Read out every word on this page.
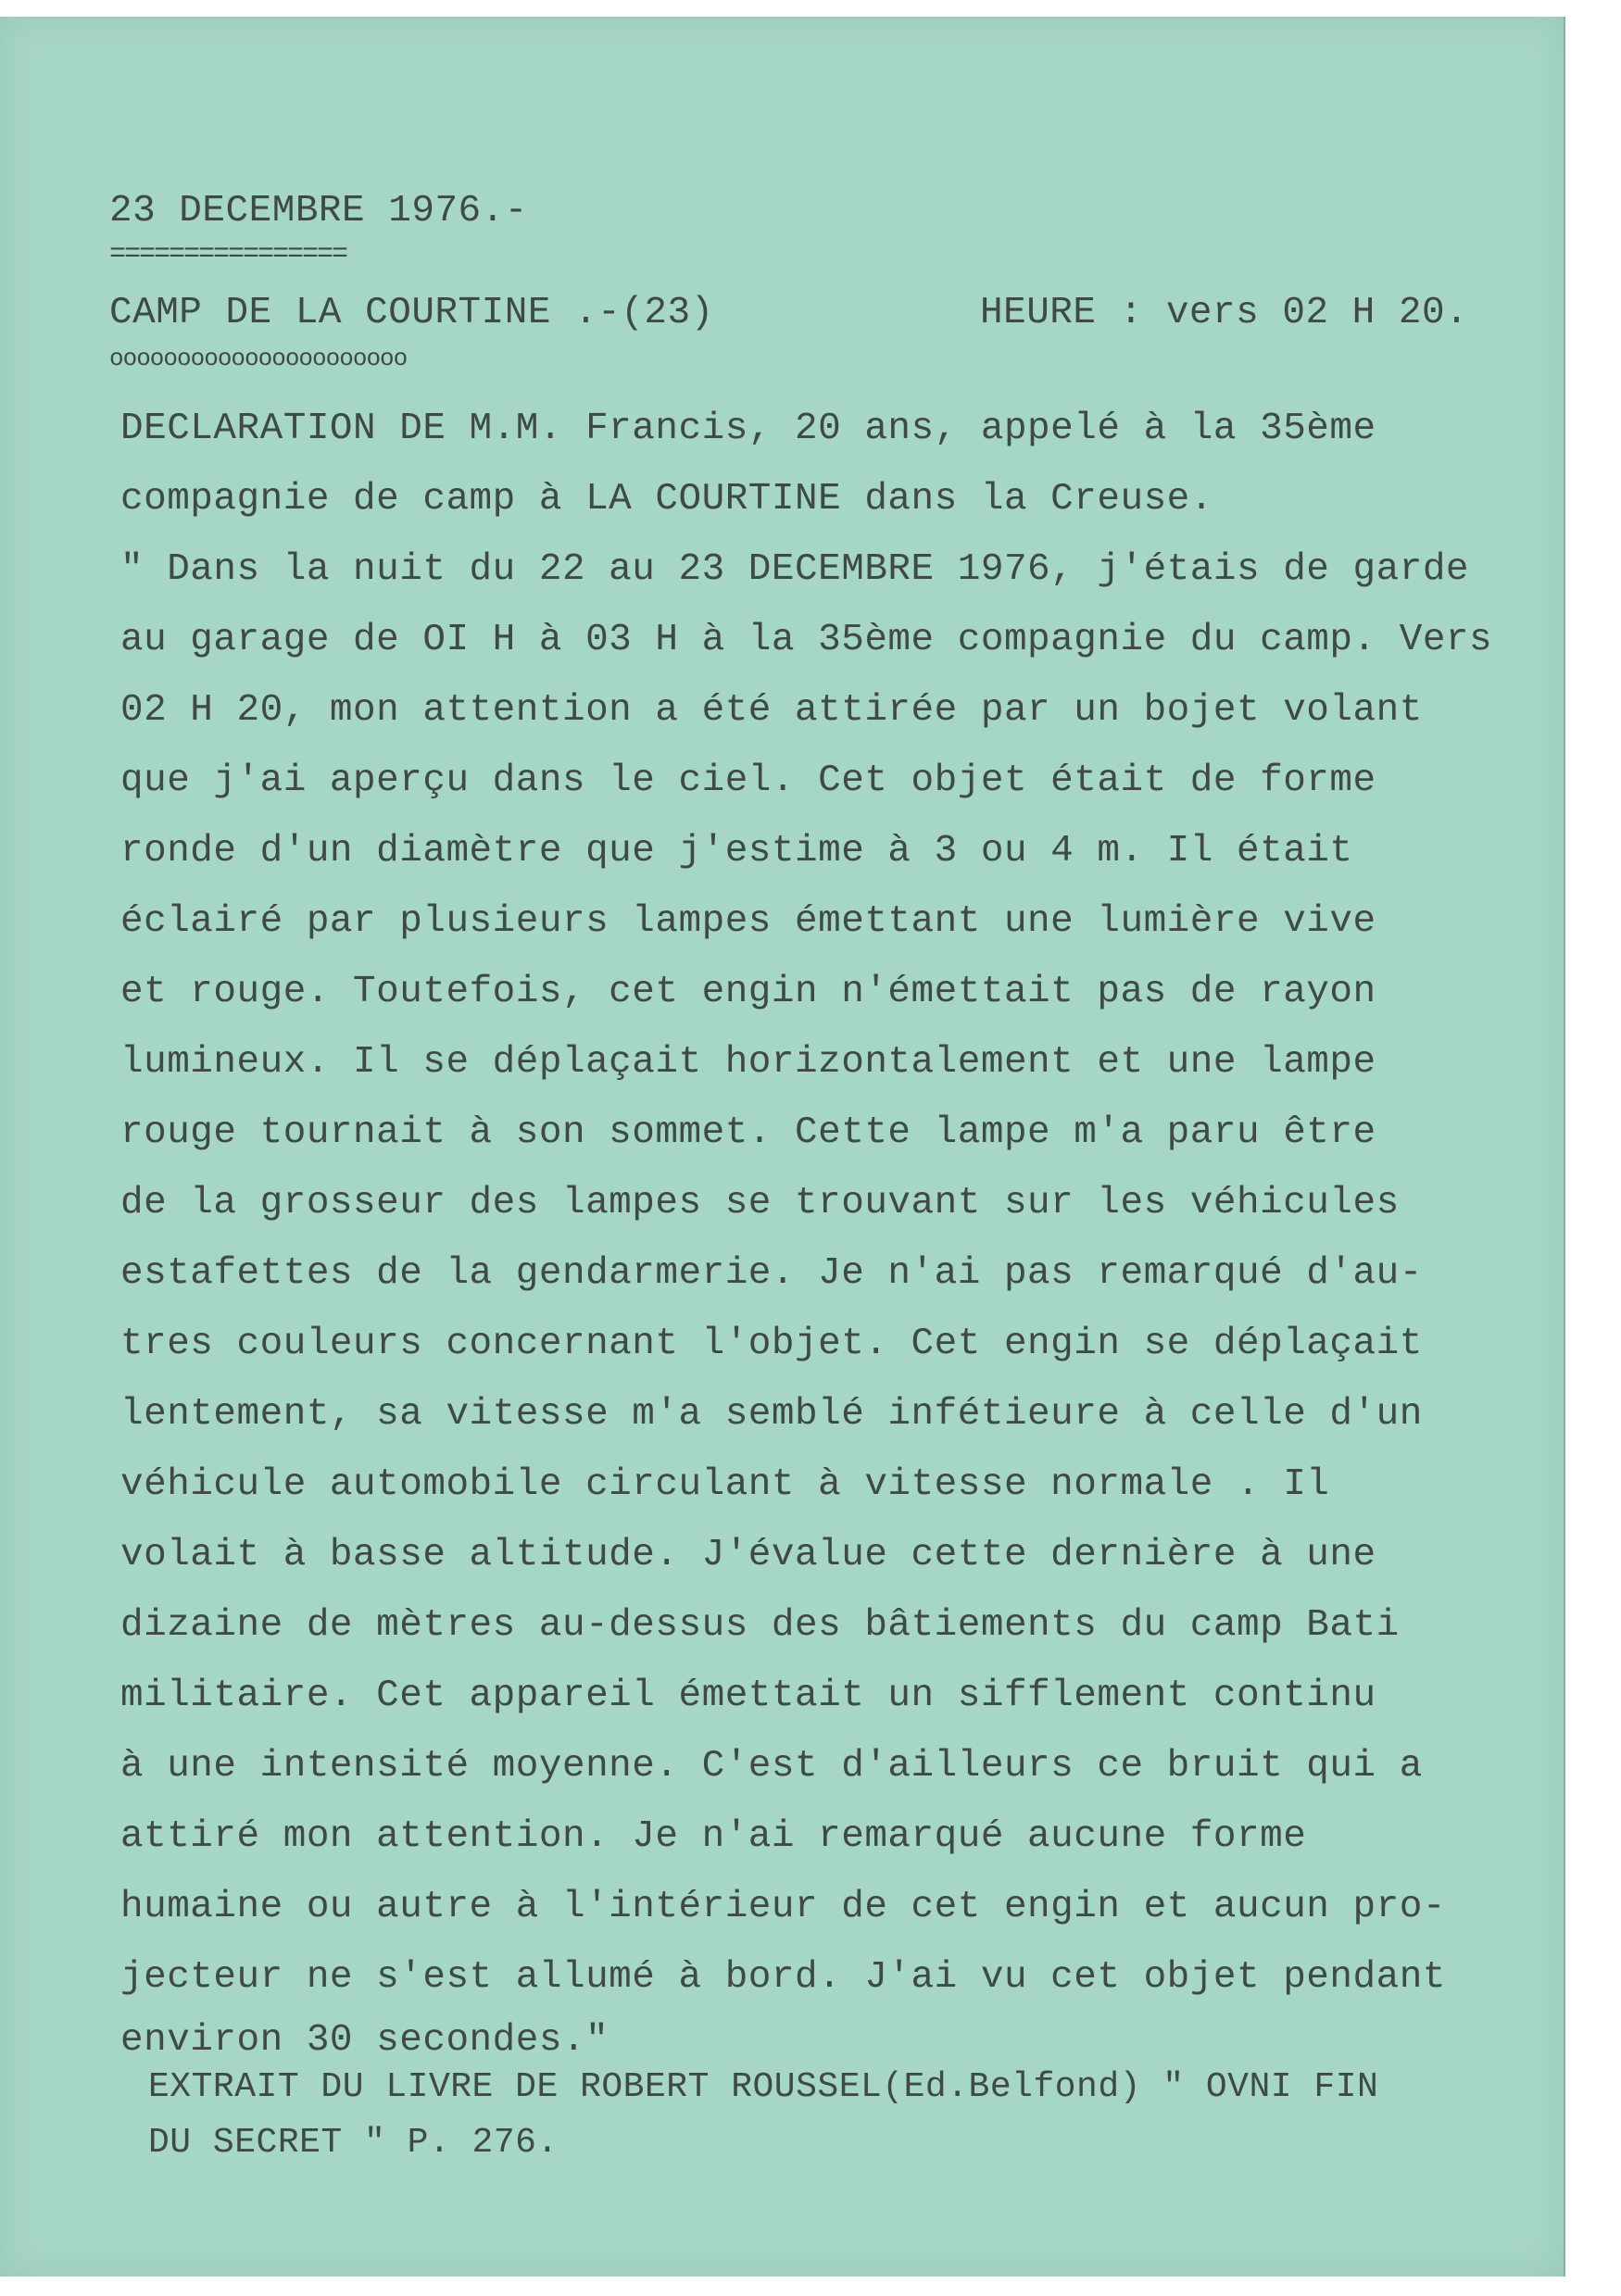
23 DECEMBRE 1976.-
================
CAMP DE LA COURTINE .-(23)	HEURE : vers 02 H 20.
oooooooooooooooooooooo
DECLARATION DE M.M. Francis, 20 ans, appelé à la 35ème
compagnie de camp à LA COURTINE dans la Creuse.
" Dans la nuit du 22 au 23 DECEMBRE 1976, j'étais de garde
au garage de OI H à 03 H à la 35ème compagnie du camp. Vers
02 H 20, mon attention a été attirée par un bojet volant
que j'ai aperçu dans le ciel. Cet objet était de forme
ronde d'un diamètre que j'estime à 3 ou 4 m. Il était
éclairé par plusieurs lampes émettant une lumière vive
et rouge. Toutefois, cet engin n'émettait pas de rayon
lumineux. Il se déplaçait horizontalement et une lampe
rouge tournait à son sommet. Cette lampe m'a paru être
de la grosseur des lampes se trouvant sur les véhicules
estafettes de la gendarmerie. Je n'ai pas remarqué d'au-
tres couleurs concernant l'objet. Cet engin se déplaçait
lentement, sa vitesse m'a semblé infétieure à celle d'un
véhicule automobile circulant à vitesse normale . Il
volait à basse altitude. J'évalue cette dernière à une
dizaine de mètres au-dessus des bâtiements du camp Bati
militaire. Cet appareil émettait un sifflement continu
à une intensité moyenne. C'est d'ailleurs ce bruit qui a
attiré mon attention. Je n'ai remarqué aucune forme
humaine ou autre à l'intérieur de cet engin et aucun pro-
jecteur ne s'est allumé à bord. J'ai vu cet objet pendant
environ 30 secondes."
EXTRAIT DU LIVRE DE ROBERT ROUSSEL(Ed.Belfond) " OVNI FIN
DU SECRET " P. 276.
